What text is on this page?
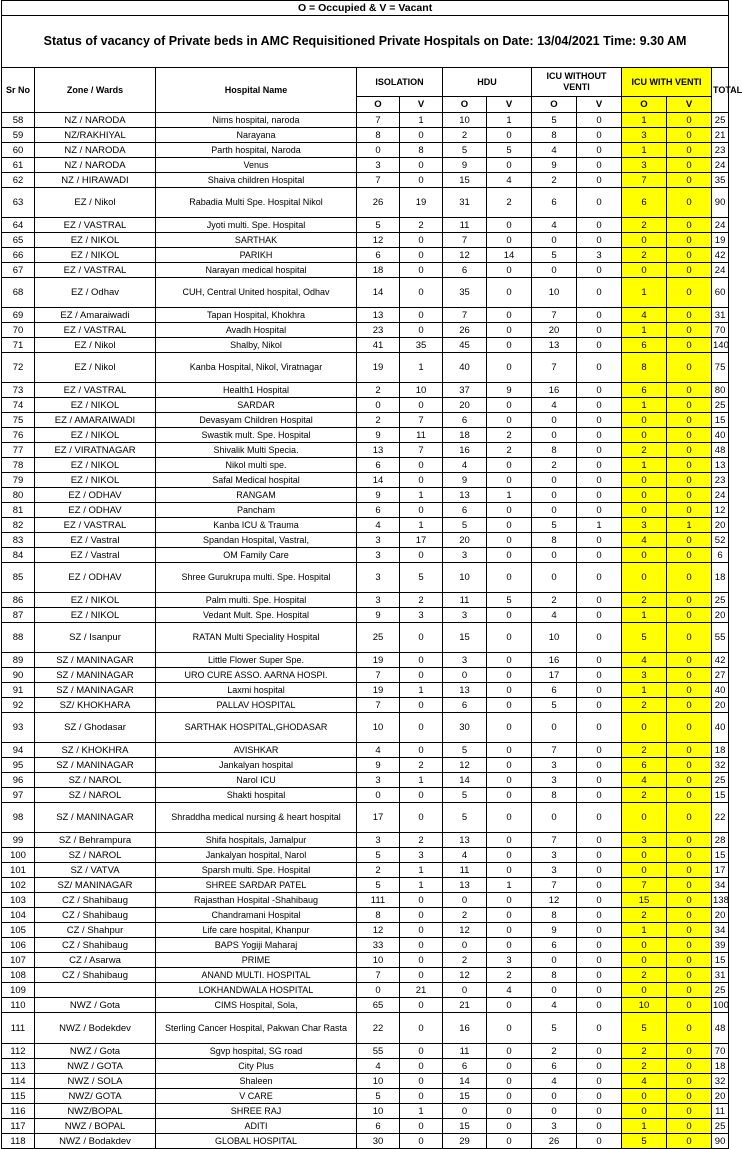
O = Occupied & V = Vacant											
Status of vacancy of Private beds in AMC Requisitioned Private Hospitals on Date: 13/04/2021 Time: 9.30 AM											
Sr No	Zone / Wards	Hospital Name	ISOLATION		HDU		ICU WITHOUT VENTI		ICU WITH VENTI		TOTAL
			O	V	O	V	O	V	O	V	
58	NZ / NARODA	Nims hospital, naroda	7	1	10	1	5	0	1	0	25
59	NZ/RAKHIYAL	Narayana	8	0	2	0	8	0	3	0	21
60	NZ / NARODA	Parth hospital, Naroda	0	8	5	5	4	0	1	0	23
61	NZ / NARODA	Venus	3	0	9	0	9	0	3	0	24
62	NZ / HIRAWADI	Shaiva children Hospital	7	0	15	4	2	0	7	0	35
63	EZ / Nikol	Rabadia Multi Spe. Hospital Nikol	26	19	31	2	6	0	6	0	90
64	EZ / VASTRAL	Jyoti multi. Spe. Hospital	5	2	11	0	4	0	2	0	24
65	EZ / NIKOL	SARTHAK	12	0	7	0	0	0	0	0	19
66	EZ / NIKOL	PARIKH	6	0	12	14	5	3	2	0	42
67	EZ / VASTRAL	Narayan medical hospital	18	0	6	0	0	0	0	0	24
68	EZ / Odhav	CUH, Central United hospital, Odhav	14	0	35	0	10	0	1	0	60
69	EZ / Amaraiwadi	Tapan Hospital, Khokhra	13	0	7	0	7	0	4	0	31
70	EZ / VASTRAL	Avadh Hospital	23	0	26	0	20	0	1	0	70
71	EZ / Nikol	Shalby, Nikol	41	35	45	0	13	0	6	0	140
72	EZ / Nikol	Kanba Hospital, Nikol, Viratnagar	19	1	40	0	7	0	8	0	75
73	EZ / VASTRAL	Health1 Hospital	2	10	37	9	16	0	6	0	80
74	EZ / NIKOL	SARDAR	0	0	20	0	4	0	1	0	25
75	EZ / AMARAIWADI	Devasyam Children Hospital	2	7	6	0	0	0	0	0	15
76	EZ / NIKOL	Swastik mult. Spe. Hospital	9	11	18	2	0	0	0	0	40
77	EZ / VIRATNAGAR	Shivalik Multi Specia.	13	7	16	2	8	0	2	0	48
78	EZ / NIKOL	Nikol multi spe.	6	0	4	0	2	0	1	0	13
79	EZ / NIKOL	Safal Medical hospital	14	0	9	0	0	0	0	0	23
80	EZ / ODHAV	RANGAM	9	1	13	1	0	0	0	0	24
81	EZ / ODHAV	Pancham	6	0	6	0	0	0	0	0	12
82	EZ / VASTRAL	Kanba ICU & Trauma	4	1	5	0	5	1	3	1	20
83	EZ / Vastral	Spandan Hospital, Vastral,	3	17	20	0	8	0	4	0	52
84	EZ / Vastral	OM Family Care	3	0	3	0	0	0	0	0	6
85	EZ / ODHAV	Shree Gurukrupa multi. Spe. Hospital	3	5	10	0	0	0	0	0	18
86	EZ / NIKOL	Palm multi. Spe. Hospital	3	2	11	5	2	0	2	0	25
87	EZ / NIKOL	Vedant Mult. Spe. Hospital	9	3	3	0	4	0	1	0	20
88	SZ / Isanpur	RATAN Multi Speciality Hospital	25	0	15	0	10	0	5	0	55
89	SZ / MANINAGAR	Little Flower Super Spe.	19	0	3	0	16	0	4	0	42
90	SZ / MANINAGAR	URO CURE ASSO. AARNA HOSPI.	7	0	0	0	17	0	3	0	27
91	SZ / MANINAGAR	Laxmi hospital	19	1	13	0	6	0	1	0	40
92	SZ/ KHOKHARA	PALLAV HOSPITAL	7	0	6	0	5	0	2	0	20
93	SZ / Ghodasar	SARTHAK HOSPITAL,GHODASAR	10	0	30	0	0	0	0	0	40
94	SZ / KHOKHRA	AVISHKAR	4	0	5	0	7	0	2	0	18
95	SZ / MANINAGAR	Jankalyan hospital	9	2	12	0	3	0	6	0	32
96	SZ / NAROL	Narol ICU	3	1	14	0	3	0	4	0	25
97	SZ / NAROL	Shakti hospital	0	0	5	0	8	0	2	0	15
98	SZ / MANINAGAR	Shraddha medical nursing & heart hospital	17	0	5	0	0	0	0	0	22
99	SZ / Behrampura	Shifa hospitals, Jamalpur	3	2	13	0	7	0	3	0	28
100	SZ / NAROL	Jankalyan hospital, Narol	5	3	4	0	3	0	0	0	15
101	SZ / VATVA	Sparsh multi. Spe. Hospital	2	1	11	0	3	0	0	0	17
102	SZ/ MANINAGAR	SHREE SARDAR PATEL	5	1	13	1	7	0	7	0	34
103	CZ / Shahibaug	Rajasthan Hospital -Shahibaug	111	0	0	0	12	0	15	0	138
104	CZ / Shahibaug	Chandramani Hospital	8	0	2	0	8	0	2	0	20
105	CZ / Shahpur	Life care hospital, Khanpur	12	0	12	0	9	0	1	0	34
106	CZ / Shahibaug	BAPS Yogiji Maharaj	33	0	0	0	6	0	0	0	39
107	CZ / Asarwa	PRIME	10	0	2	3	0	0	0	0	15
108	CZ / Shahibaug	ANAND MULTI. HOSPITAL	7	0	12	2	8	0	2	0	31
109		LOKHANDWALA HOSPITAL	0	21	0	4	0	0	0	0	25
110	NWZ / Gota	CIMS Hospital, Sola,	65	0	21	0	4	0	10	0	100
111	NWZ / Bodekdev	Sterling Cancer Hospital, Pakwan Char Rasta	22	0	16	0	5	0	5	0	48
112	NWZ / Gota	Sgvp hospital, SG road	55	0	11	0	2	0	2	0	70
113	NWZ / GOTA	City Plus	4	0	6	0	6	0	2	0	18
114	NWZ / SOLA	Shaleen	10	0	14	0	4	0	4	0	32
115	NWZ/ GOTA	V CARE	5	0	15	0	0	0	0	0	20
116	NWZ/BOPAL	SHREE RAJ	10	1	0	0	0	0	0	0	11
117	NWZ / BOPAL	ADITI	6	0	15	0	3	0	1	0	25
118	NWZ / Bodakdev	GLOBAL HOSPITAL	30	0	29	0	26	0	5	0	90
